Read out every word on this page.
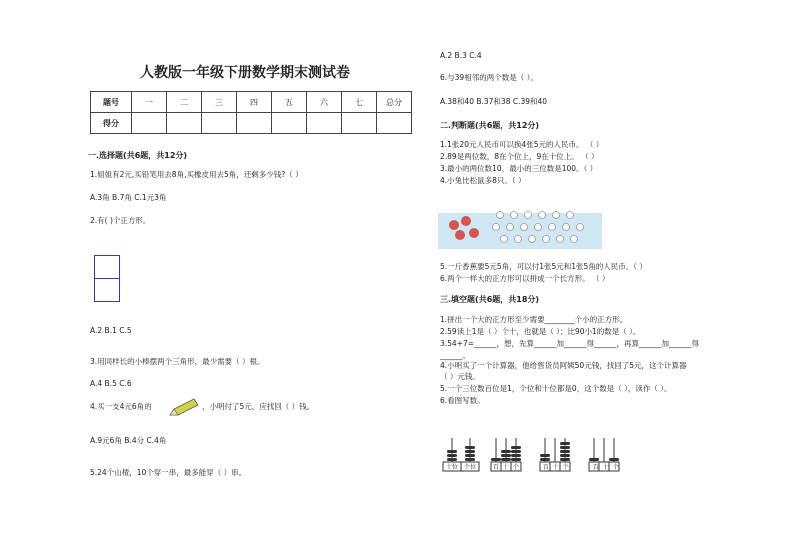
人教版一年级下册数学期末测试卷
题号	一	二	三	四	五	六	七	总分
得分								
一.选择题(共6题，共12分)
1.姐姐有2元,买铅笔用去8角,买橡皮用去5角，还剩多少钱?（ ）
A.3角 B.7角 C.1元3角
2.有( )个正方形。
A.2 B.1 C.5
3.用同样长的小棒摆两个三角形，最少需要（ ）根。
A.4 B.5 C.6
4.买一支4元6角的	，小明付了5元，应找回（ ）钱。
A.9元6角 B.4分 C.4角
5.24个山楂，10个穿一串，最多能穿（ ）串。
A.2 B.3 C.4
6.与39相邻的两个数是（ ）。
A.38和40 B.37和38 C.39和40
二.判断题(共6题，共12分)
1.1张20元人民币可以换4张5元的人民币。 （ ）
2.89是两位数，8在个位上，9在十位上。 （ ）
3.最小的两位数10，最小的三位数是100。（ ）
4.小兔比松鼠多8只。（ ）
5.一斤香蕉要5元5角，可以付1张5元和1张5角的人民币。（ ）
6.两个一样大的正方形可以拼成一个长方形。 （ ）
三.填空题(共6题，共18分)
1.拼出一个大的正方形至少需要________个小的正方形。
2.59读上1是（ ）个十，也就是（ ）；比90小1的数是（ ）。
3.54+7=______，想，先算______加______得______，再算______加______得
______。
4.小明买了一个计算器，他给售货员阿姨50元钱，找回了5元，这个计算器
（ ）元钱。
5.一个三位数百位是1，个位和十位都是0，这个数是（ ），读作（ ）。
6.看图写数。
十位 个位	百 十 个	百 十 个	百 十 个
